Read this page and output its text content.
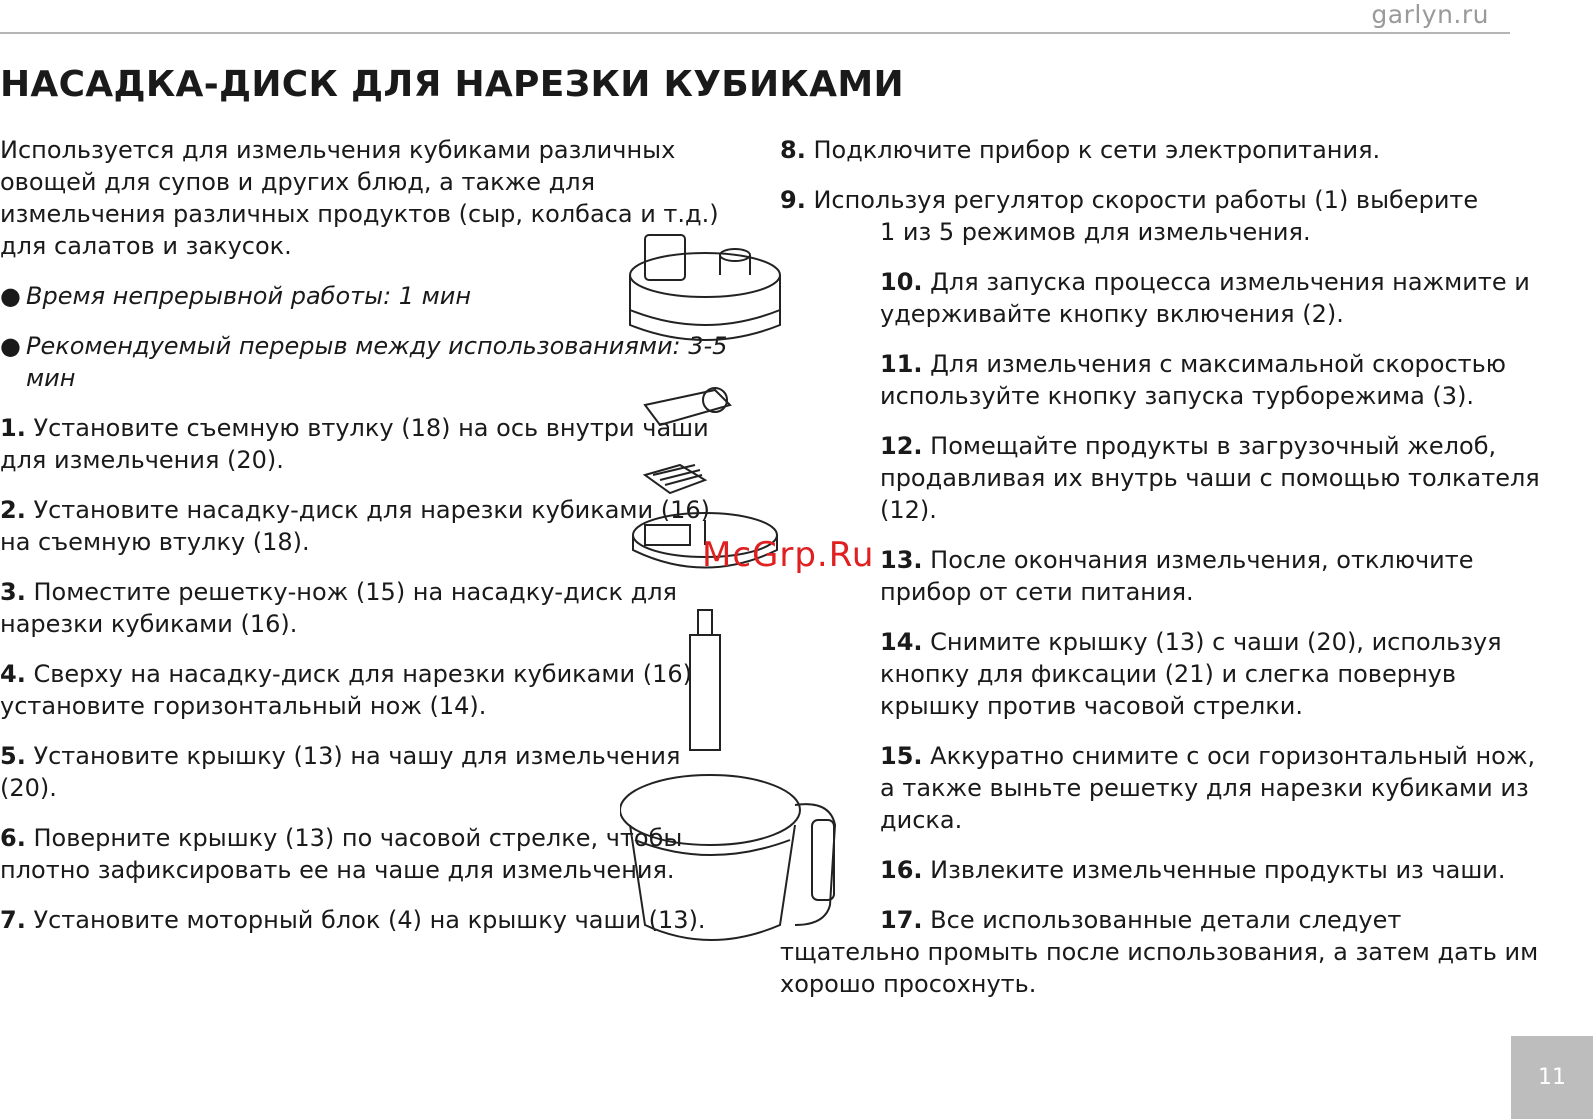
garlyn.ru
НАСАДКА-ДИСК ДЛЯ НАРЕЗКИ КУБИКАМИ

Используется для измельчения кубиками различных овощей для супов и других блюд, а также для измельчения различных продуктов (сыр, колбаса и т.д.) для салатов и закусок.

● Время непрерывной работы: 1 мин

● Рекомендуемый перерыв между использованиями: 3-5 мин

1. Установите съемную втулку (18) на ось внутри чаши для измельчения (20).

2. Установите насадку-диск для нарезки кубиками (16) на съемную втулку (18).

3. Поместите решетку-нож (15) на насадку-диск для нарезки кубиками (16).

4. Сверху на насадку-диск для нарезки кубиками (16) установите горизонтальный нож (14).

5. Установите крышку (13) на чашу для измельчения (20).

6. Поверните крышку (13) по часовой стрелке, чтобы плотно зафиксировать ее на чаше для измельчения.

7. Установите моторный блок (4) на крышку чаши (13).

8. Подключите прибор к сети электропитания.

9. Используя регулятор скорости работы (1) выберите
1 из 5 режимов для измельчения.

10. Для запуска процесса измельчения нажмите и удерживайте кнопку включения (2).

11. Для измельчения с максимальной скоростью используйте кнопку запуска турборежима (3).

12. Помещайте продукты в загрузочный желоб, продавливая их внутрь чаши с помощью толкателя (12).

13. После окончания измельчения, отключите прибор от сети питания.

14. Снимите крышку (13) с чаши (20), используя кнопку для фиксации (21) и слегка повернув крышку против часовой стрелки.

15. Аккуратно снимите с оси горизонтальный нож, а также выньте решетку для нарезки кубиками из диска.

16. Извлеките измельченные продукты из чаши.

17. Все использованные детали следует тщательно промыть после использования, а затем дать им хорошо просохнуть.

McGrp.Ru
11
